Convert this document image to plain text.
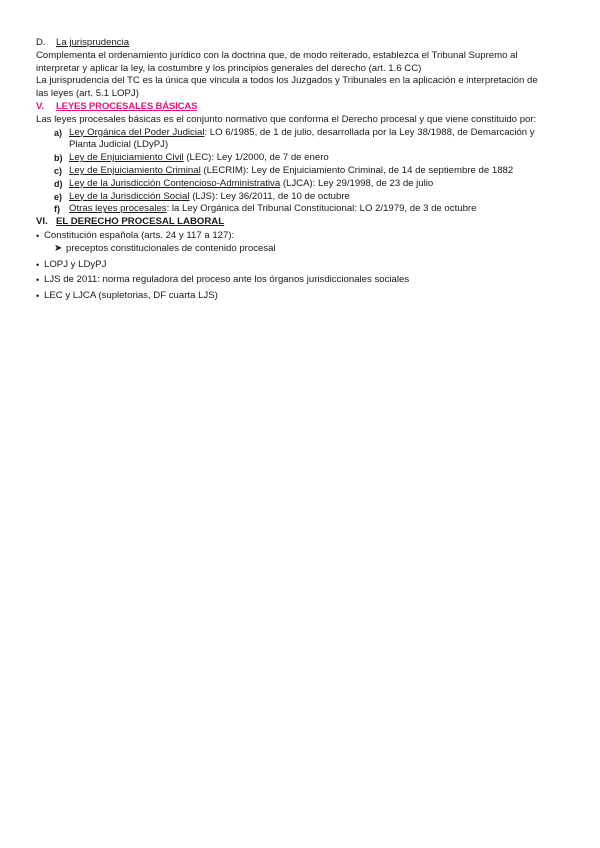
D.	La jurisprudencia
Complementa el ordenamiento jurídico con la doctrina que, de modo reiterado, establezca el Tribunal Supremo al
interpretar y aplicar la ley, la costumbre y los principios generales del derecho (art. 1.6 CC)
La jurisprudencia del TC es la única que vincula a todos los Juzgados y Tribunales en la aplicación e interpretación de
las leyes (art. 5.1 LOPJ)
V.	LEYES PROCESALES BÁSICAS
Las leyes procesales básicas es el conjunto normativo que conforma el Derecho procesal y que viene constituido por:
a) Ley Orgánica del Poder Judicial: LO 6/1985, de 1 de julio, desarrollada por la Ley 38/1988, de Demarcación y
Planta Judicial (LDyPJ)
b) Ley de Enjuiciamiento Civil (LEC): Ley 1/2000, de 7 de enero
c) Ley de Enjuiciamiento Criminal (LECRIM): Ley de Enjuiciamiento Criminal, de 14 de septiembre de 1882
d) Ley de la Jurisdicción Contencioso-Administrativa (LJCA): Ley 29/1998, de 23 de julio
e) Ley de la Jurisdicción Social (LJS): Ley 36/2011, de 10 de octubre
f) Otras leyes procesales: la Ley Orgánica del Tribunal Constitucional: LO 2/1979, de 3 de octubre
VI. EL DERECHO PROCESAL LABORAL
• Constitución española (arts. 24 y 117 a 127):
➤ preceptos constitucionales de contenido procesal
• LOPJ y LDyPJ
• LJS de 2011: norma reguladora del proceso ante los órganos jurisdiccionales sociales
• LEC y LJCA (supletorias, DF cuarta LJS)
